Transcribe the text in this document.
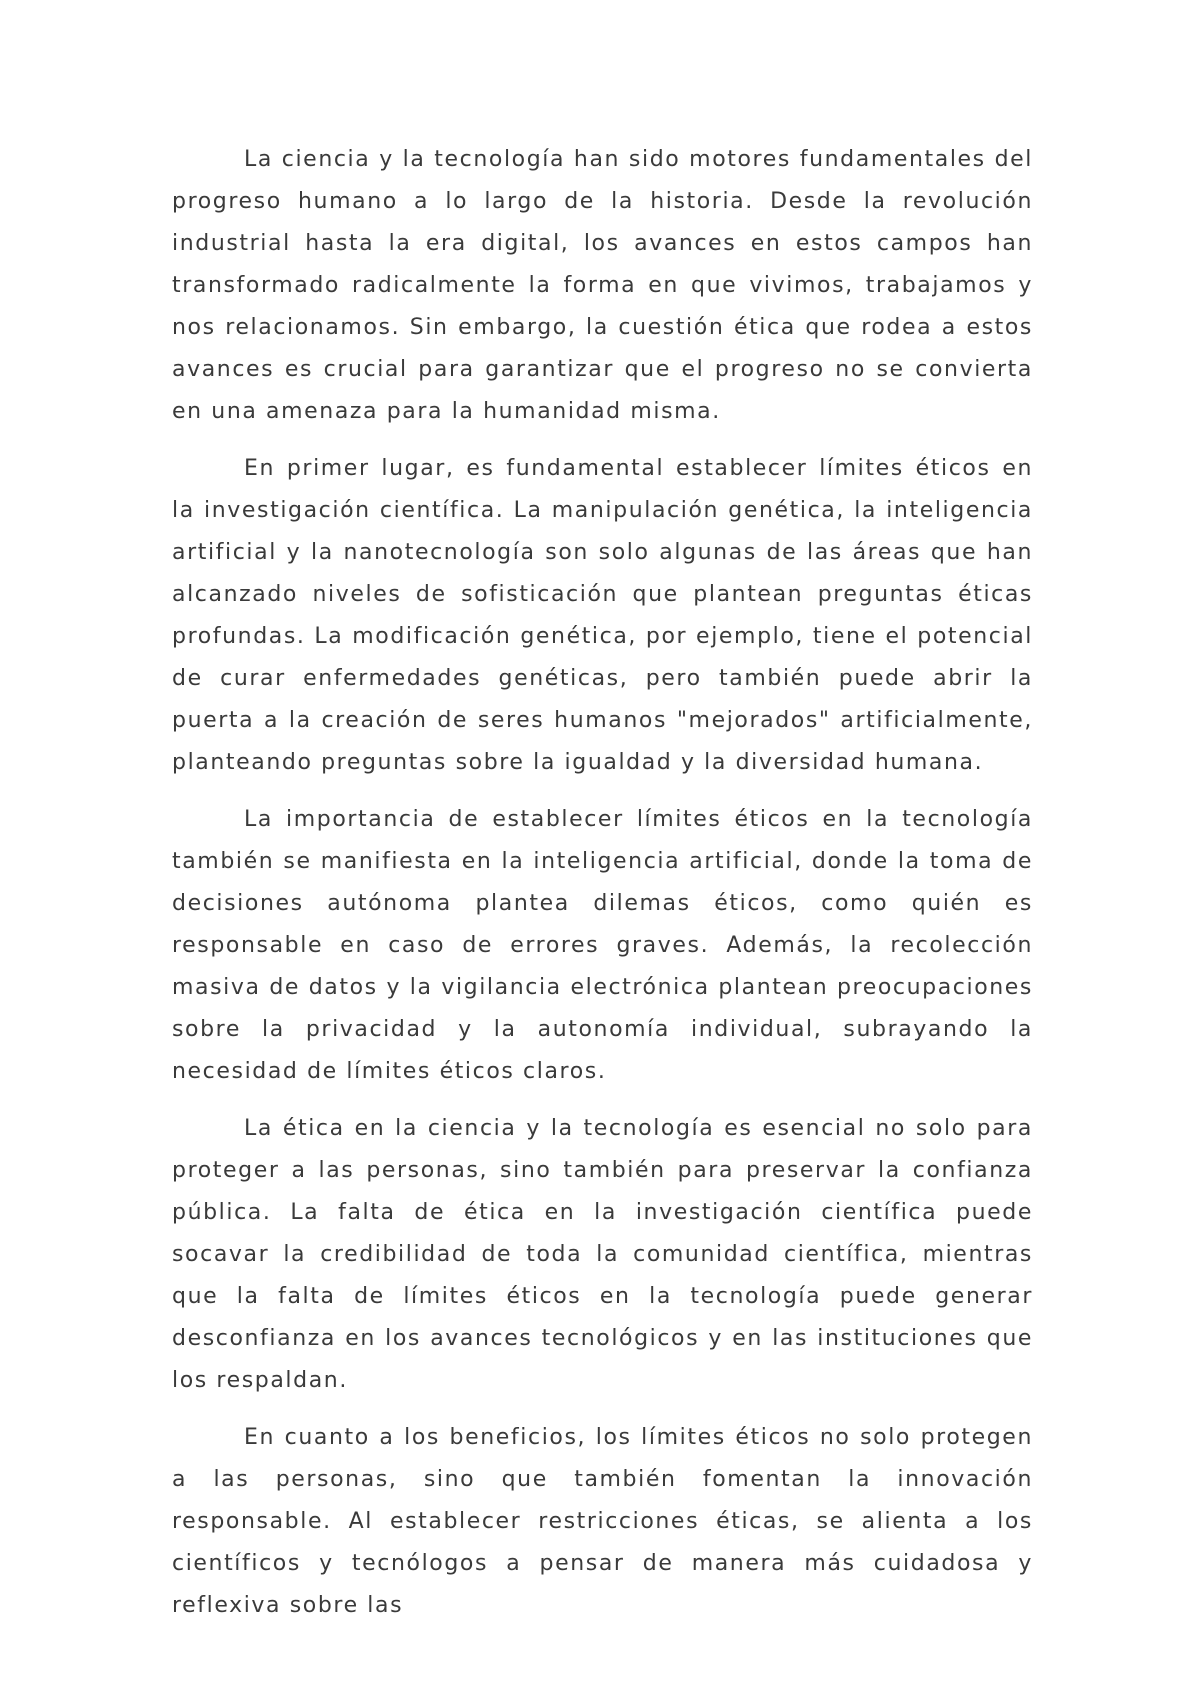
La ciencia y la tecnología han sido motores fundamentales del progreso humano a lo largo de la historia. Desde la revolución industrial hasta la era digital, los avances en estos campos han transformado radicalmente la forma en que vivimos, trabajamos y nos relacionamos. Sin embargo, la cuestión ética que rodea a estos avances es crucial para garantizar que el progreso no se convierta en una amenaza para la humanidad misma.

En primer lugar, es fundamental establecer límites éticos en la investigación científica. La manipulación genética, la inteligencia artificial y la nanotecnología son solo algunas de las áreas que han alcanzado niveles de sofisticación que plantean preguntas éticas profundas. La modificación genética, por ejemplo, tiene el potencial de curar enfermedades genéticas, pero también puede abrir la puerta a la creación de seres humanos "mejorados" artificialmente, planteando preguntas sobre la igualdad y la diversidad humana.

La importancia de establecer límites éticos en la tecnología también se manifiesta en la inteligencia artificial, donde la toma de decisiones autónoma plantea dilemas éticos, como quién es responsable en caso de errores graves. Además, la recolección masiva de datos y la vigilancia electrónica plantean preocupaciones sobre la privacidad y la autonomía individual, subrayando la necesidad de límites éticos claros.

La ética en la ciencia y la tecnología es esencial no solo para proteger a las personas, sino también para preservar la confianza pública. La falta de ética en la investigación científica puede socavar la credibilidad de toda la comunidad científica, mientras que la falta de límites éticos en la tecnología puede generar desconfianza en los avances tecnológicos y en las instituciones que los respaldan.

En cuanto a los beneficios, los límites éticos no solo protegen a las personas, sino que también fomentan la innovación responsable. Al establecer restricciones éticas, se alienta a los científicos y tecnólogos a pensar de manera más cuidadosa y reflexiva sobre las
